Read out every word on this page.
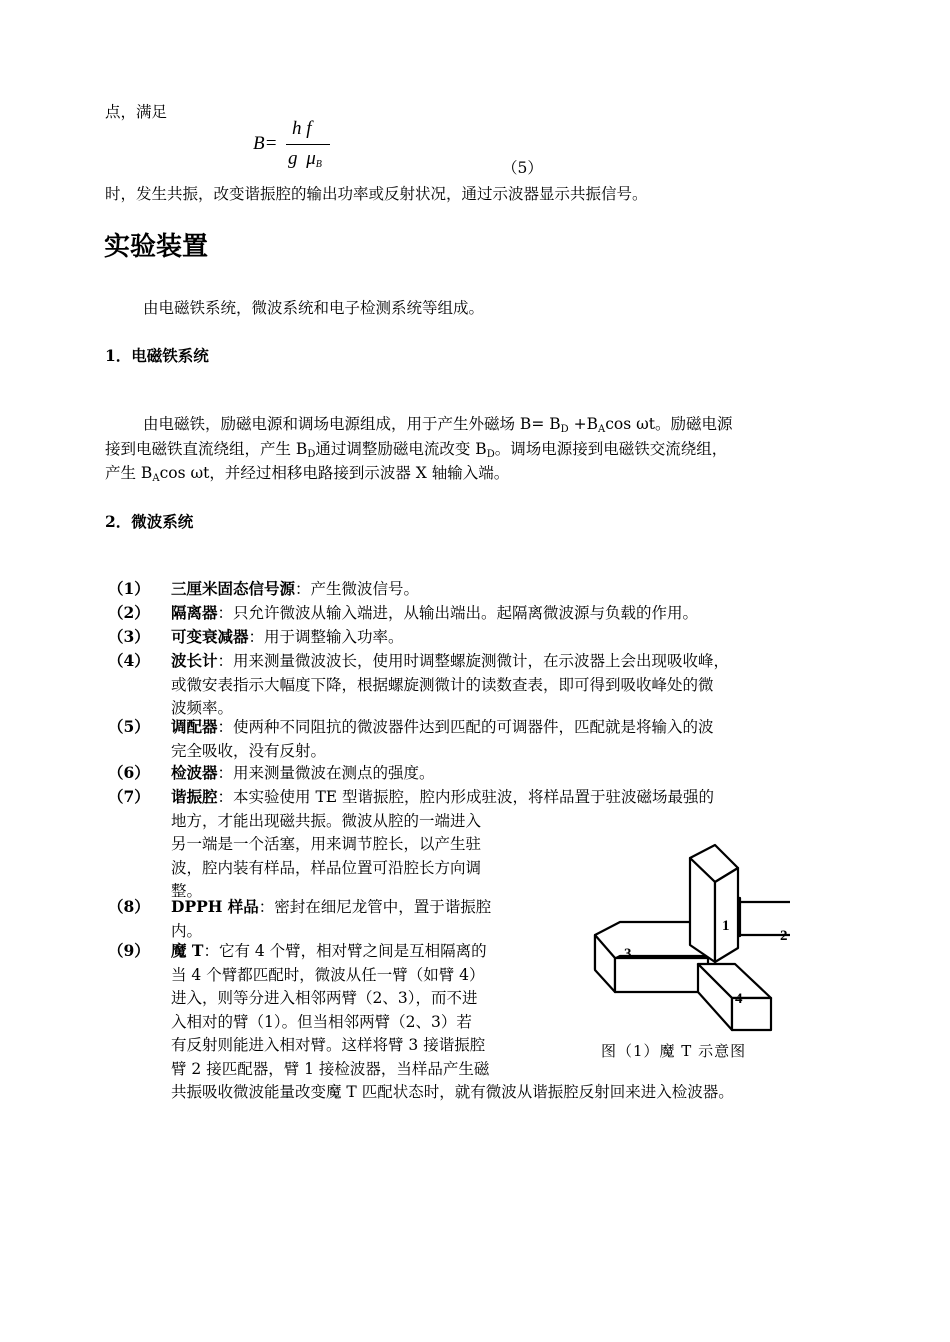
点，满足
B=
h f
g $\mu_B$	（5）
时，发生共振，改变谐振腔的输出功率或反射状况，通过示波器显示共振信号。
实验装置
由电磁铁系统，微波系统和电子检测系统等组成。
1．电磁铁系统
由电磁铁，励磁电源和调场电源组成，用于产生外磁场 $B= B_D +B_A\cos$ ωt。励磁电源
接到电磁铁直流绕组，产生 $B_D$通过调整励磁电流改变 $B_D$。调场电源接到电磁铁交流绕组，
产生 $B_A\cos$ ωt，并经过相移电路接到示波器 X 轴输入端。
2．微波系统
（1） 三厘米固态信号源：产生微波信号。
（2） 隔离器：只允许微波从输入端进，从输出端出。起隔离微波源与负载的作用。
（3） 可变衰减器：用于调整输入功率。
（4） 波长计：用来测量微波波长，使用时调整螺旋测微计，在示波器上会出现吸收峰，
或微安表指示大幅度下降，根据螺旋测微计的读数查表，即可得到吸收峰处的微
波频率。
（5） 调配器：使两种不同阻抗的微波器件达到匹配的可调器件，匹配就是将输入的波
完全吸收，没有反射。
（6） 检波器：用来测量微波在测点的强度。
（7） 谐振腔：本实验使用 TE 型谐振腔，腔内形成驻波，将样品置于驻波磁场最强的
地方，才能出现磁共振。微波从腔的一端进入
另一端是一个活塞，用来调节腔长，以产生驻
波，腔内装有样品，样品位置可沿腔长方向调
整。
（8） DPPH 样品：密封在细尼龙管中，置于谐振腔
内。
（9） 魔 T：它有 4 个臂，相对臂之间是互相隔离的
当 4 个臂都匹配时，微波从任一臂（如臂 4）
进入，则等分进入相邻两臂（2、3），而不进
入相对的臂（1）。但当相邻两臂（2、3）若
有反射则能进入相对臂。这样将臂 3 接谐振腔
臂 2 接匹配器，臂 1 接检波器，当样品产生磁
共振吸收微波能量改变魔 T 匹配状态时，就有微波从谐振腔反射回来进入检波器。
3
2
1
4
图（1）魔 T 示意图
